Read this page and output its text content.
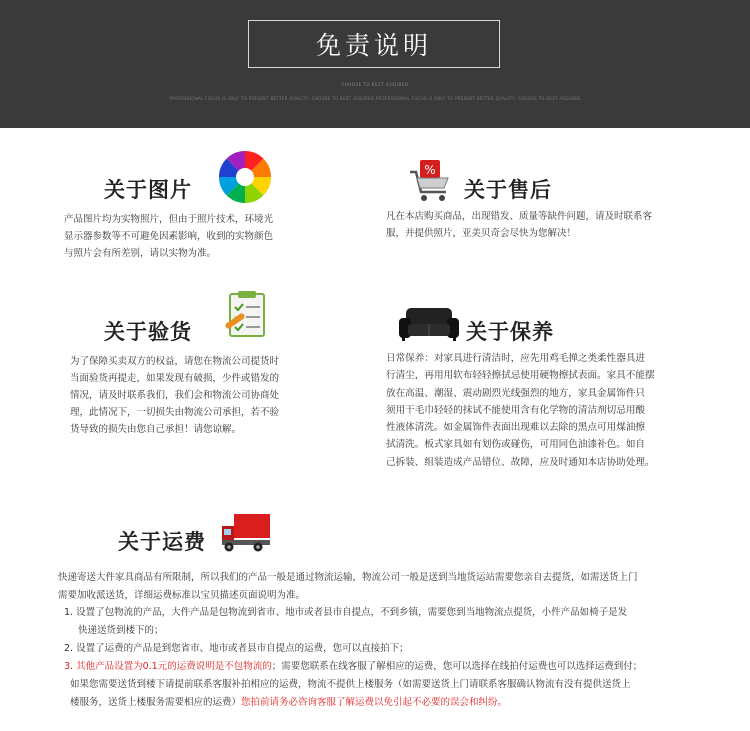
免责说明
CHOOSE TO REST ASSURED
PROFESSIONAL FOCUS IS ONLY TO PRESENT BETTER QUALITY, CHOOSE TO REST ASSURED PROFESSIONAL FOCUS IS ONLY TO PRESENT BETTER QUALITY, CHOOSE TO REST ASSURED
关于图片

产品图片均为实物照片，但由于照片技术，环境光

显示器参数等不可避免因素影响，收到的实物颜色

与照片会有所差别，请以实物为准。

%
关于售后

凡在本店购买商品，出现错发、质量等缺件问题，请及时联系客

服，并提供照片，亚美贝奇会尽快为您解决！

关于验货

为了保障买卖双方的权益，请您在物流公司提货时

当面验货再提走，如果发现有破损，少件或错发的

情况，请及时联系我们，我们会和物流公司协商处

理，此情况下，一切损失由物流公司承担，若不验

货导致的损失由您自己承担！请您谅解。

关于保养

日常保养：对家具进行清洁时，应先用鸡毛掸之类柔性器具进

行清尘，再用用软布轻轻擦拭忌使用硬物擦拭表面。家具不能摆

放在高温、潮湿、震动剧烈光线强烈的地方，家具金属饰件只

须用干毛巾轻轻的抹试不能使用含有化学物的清洁剂切忌用酸

性液体清洗。如金属饰件表面出现难以去除的黑点可用煤油擦

拭清洗。板式家具如有划伤或碰伤，可用同色油漆补色。如自

己拆装、组装造成产品错位、故障，应及时通知本店协助处理。

关于运费

快递寄送大件家具商品有所限制，所以我们的产品一般是通过物流运输，物流公司一般是送到当地货运站需要您亲自去提货，如需送货上门

需要加收派送货，详细运费标准以宝贝描述页面说明为准。

1. 设置了包物流的产品，大件产品是包物流到省市、地市或者县市自提点，不到乡镇，需要您到当地物流点提货，小件产品如椅子是发

快递送货到楼下的；

2. 设置了运费的产品是到您省市、地市或者县市自提点的运费，您可以直接拍下；

3. 其他产品设置为0.1元的运费说明是不包物流的；需要您联系在线客服了解相应的运费，您可以选择在线拍付运费也可以选择运费到付；

如果您需要送货到楼下请提前联系客服补拍相应的运费，物流不提供上楼服务（如需要送货上门请联系客服确认物流有没有提供送货上

楼服务，送货上楼服务需要相应的运费）您拍前请务必咨询客服了解运费以免引起不必要的误会和纠纷。
